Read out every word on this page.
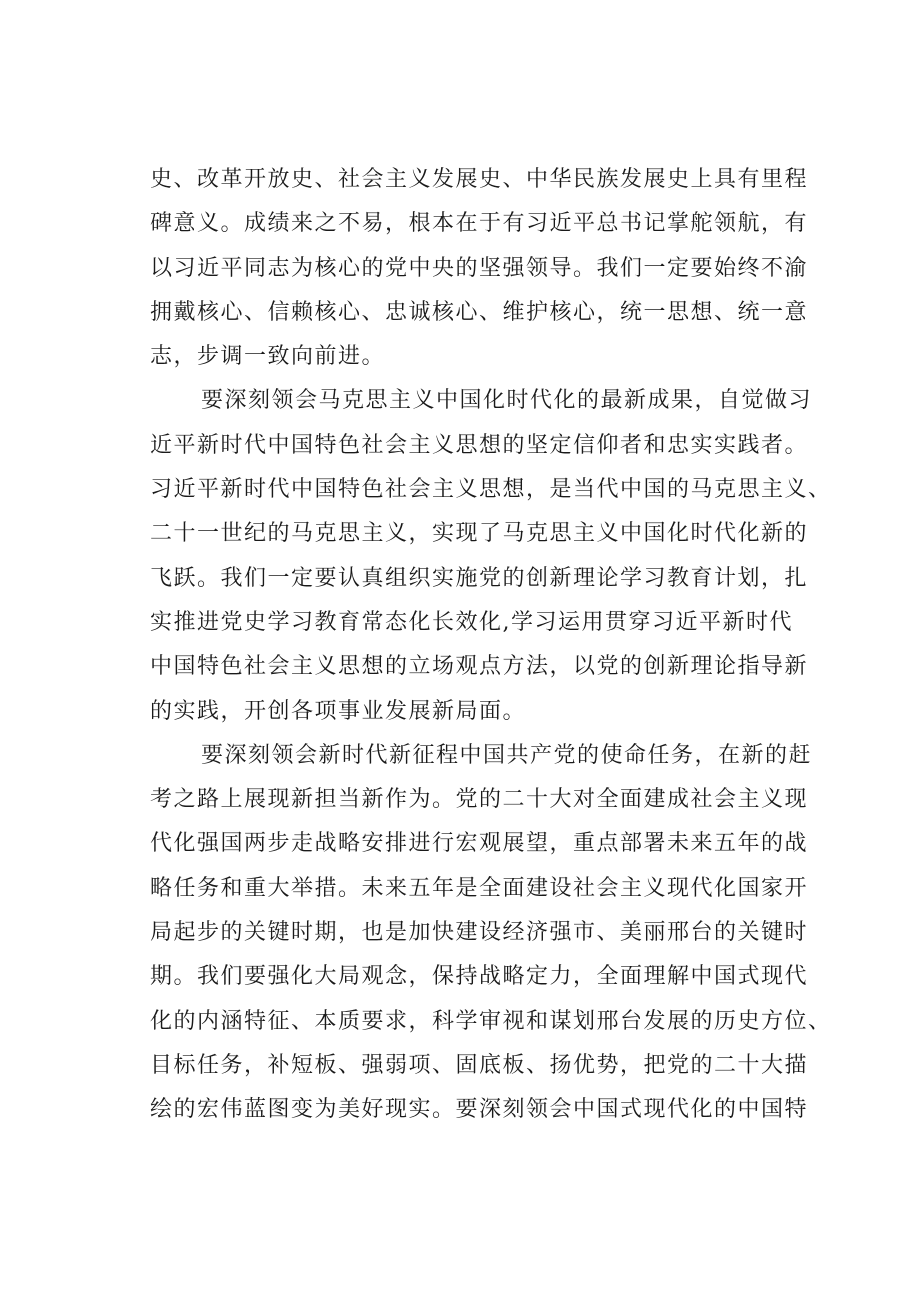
史、改革开放史、社会主义发展史、中华民族发展史上具有里程
碑意义。成绩来之不易，根本在于有习近平总书记掌舵领航，有
以习近平同志为核心的党中央的坚强领导。我们一定要始终不渝
拥戴核心、信赖核心、忠诚核心、维护核心，统一思想、统一意
志，步调一致向前进。
要深刻领会马克思主义中国化时代化的最新成果，自觉做习
近平新时代中国特色社会主义思想的坚定信仰者和忠实实践者。
习近平新时代中国特色社会主义思想，是当代中国的马克思主义、
二十一世纪的马克思主义，实现了马克思主义中国化时代化新的
飞跃。我们一定要认真组织实施党的创新理论学习教育计划，扎
实推进党史学习教育常态化长效化,学习运用贯穿习近平新时代
中国特色社会主义思想的立场观点方法，以党的创新理论指导新
的实践，开创各项事业发展新局面。
要深刻领会新时代新征程中国共产党的使命任务，在新的赶
考之路上展现新担当新作为。党的二十大对全面建成社会主义现
代化强国两步走战略安排进行宏观展望，重点部署未来五年的战
略任务和重大举措。未来五年是全面建设社会主义现代化国家开
局起步的关键时期，也是加快建设经济强市、美丽邢台的关键时
期。我们要强化大局观念，保持战略定力，全面理解中国式现代
化的内涵特征、本质要求，科学审视和谋划邢台发展的历史方位、
目标任务，补短板、强弱项、固底板、扬优势，把党的二十大描
绘的宏伟蓝图变为美好现实。要深刻领会中国式现代化的中国特
